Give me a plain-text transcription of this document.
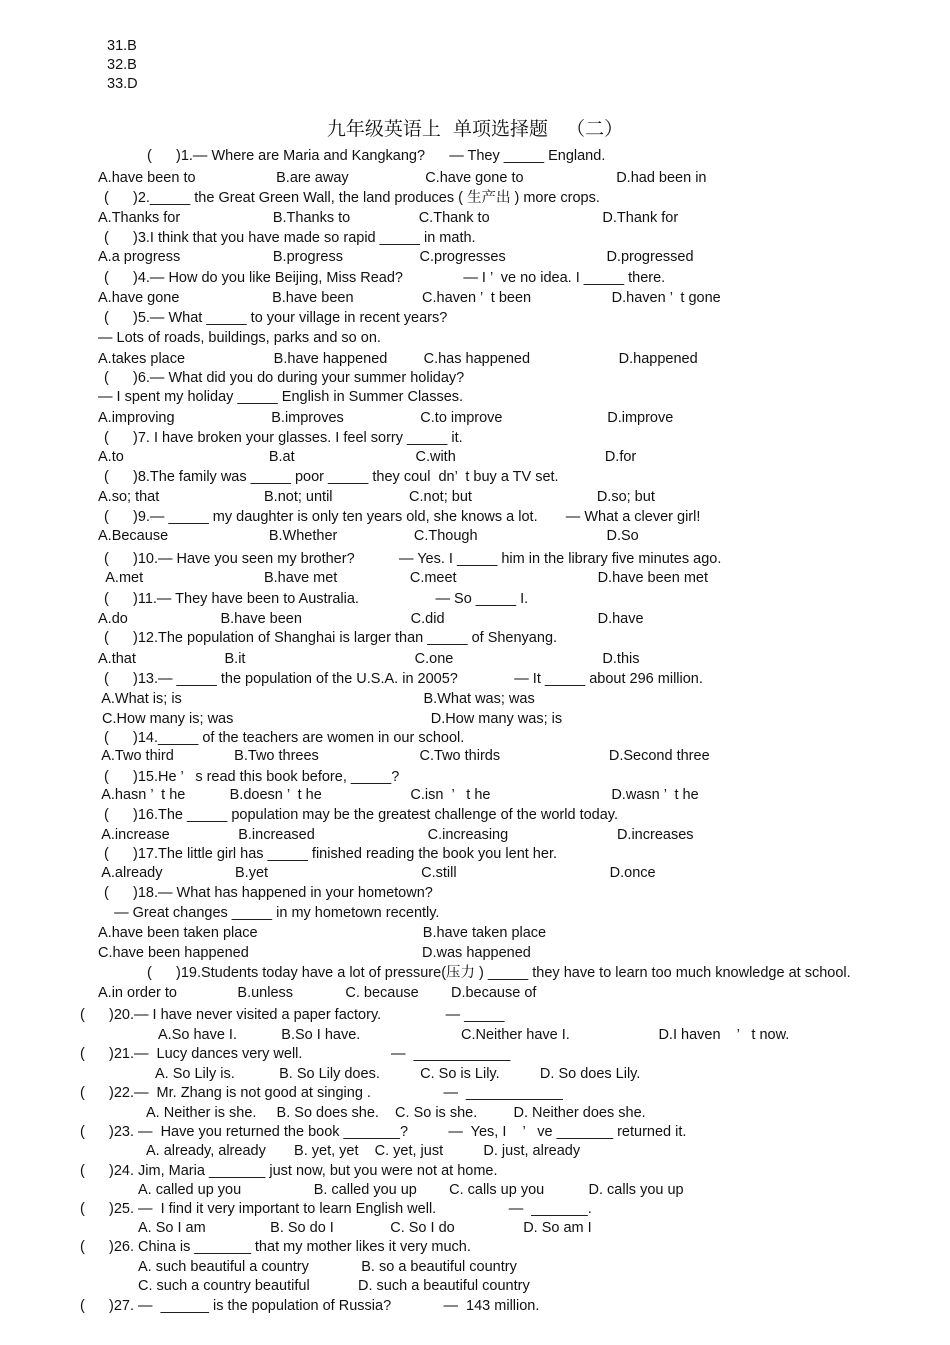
31.B
32.B
33.D
九年级英语上  单项选择题   （二）
(      )1.— Where are Maria and Kangkang?      — They _____ England.
A.have been to                    B.are away                   C.have gone to                       D.had been in
(      )2._____ the Great Green Wall, the land produces ( 生产出 ) more crops.
A.Thanks for                       B.Thanks to                 C.Thank to                            D.Thank for
(      )3.I think that you have made so rapid _____ in math.
A.a progress                       B.progress                   C.progresses                         D.progressed
(      )4.— How do you like Beijing, Miss Read?               — I ’  ve no idea. I _____ there.
A.have gone                       B.have been                 C.haven ’  t been                    D.haven ’  t gone
(      )5.— What _____ to your village in recent years?
— Lots of roads, buildings, parks and so on.
A.takes place                      B.have happened         C.has happened                      D.happened
(      )6.— What did you do during your summer holiday?
— I spent my holiday _____ English in Summer Classes.
A.improving                        B.improves                   C.to improve                          D.improve
(      )7. I have broken your glasses. I feel sorry _____ it.
A.to                                    B.at                              C.with                                     D.for
(      )8.The family was _____ poor _____ they coul  dn’  t buy a TV set.
A.so; that                          B.not; until                   C.not; but                               D.so; but
(      )9.— _____ my daughter is only ten years old, she knows a lot.       — What a clever girl!
A.Because                         B.Whether                   C.Though                                D.So
(      )10.— Have you seen my brother?           — Yes. I _____ him in the library five minutes ago.
A.met                              B.have met                  C.meet                                   D.have been met
(      )11.— They have been to Australia.                   — So _____ I.
A.do                       B.have been                           C.did                                      D.have
(      )12.The population of Shanghai is larger than _____ of Shenyang.
A.that                      B.it                                          C.one                                     D.this
(      )13.— _____ the population of the U.S.A. in 2005?              — It _____ about 296 million.
A.What is; is                                                            B.What was; was
C.How many is; was                                                 D.How many was; is
(      )14._____ of the teachers are women in our school.
A.Two third               B.Two threes                         C.Two thirds                           D.Second three
(      )15.He ’   s read this book before, _____?
A.hasn ’  t he           B.doesn ’  t he                      C.isn  ’   t he                              D.wasn ’  t he
(      )16.The _____ population may be the greatest challenge of the world today.
A.increase                 B.increased                            C.increasing                           D.increases
(      )17.The little girl has _____ finished reading the book you lent her.
A.already                  B.yet                                      C.still                                      D.once
(      )18.— What has happened in your hometown?
— Great changes _____ in my hometown recently.
A.have been taken place                                         B.have taken place
C.have been happened                                           D.was happened
(      )19.Students today have a lot of pressure(压力 ) _____ they have to learn too much knowledge at school.
A.in order to               B.unless             C. because        D.because of
(      )20.— I have never visited a paper factory.                — _____
A.So have I.           B.So I have.                         C.Neither have I.                      D.I haven    ’   t now.
(      )21.—  Lucy dances very well.                      —  ____________
A. So Lily is.           B. So Lily does.          C. So is Lily.          D. So does Lily.
(      )22.—  Mr. Zhang is not good at singing .                  —  ____________
A. Neither is she.     B. So does she.    C. So is she.         D. Neither does she.
(      )23. —  Have you returned the book _______?          —  Yes, I    ’   ve _______ returned it.
A. already, already       B. yet, yet    C. yet, just          D. just, already
(      )24. Jim, Maria _______ just now, but you were not at home.
A. called up you                  B. called you up        C. calls up you           D. calls you up
(      )25. —  I find it very important to learn English well.                  —  _______.
A. So I am                B. So do I              C. So I do                 D. So am I
(      )26. China is _______ that my mother likes it very much.
A. such beautiful a country             B. so a beautiful country
C. such a country beautiful            D. such a beautiful country
(      )27. —  ______ is the population of Russia?             —  143 million.
